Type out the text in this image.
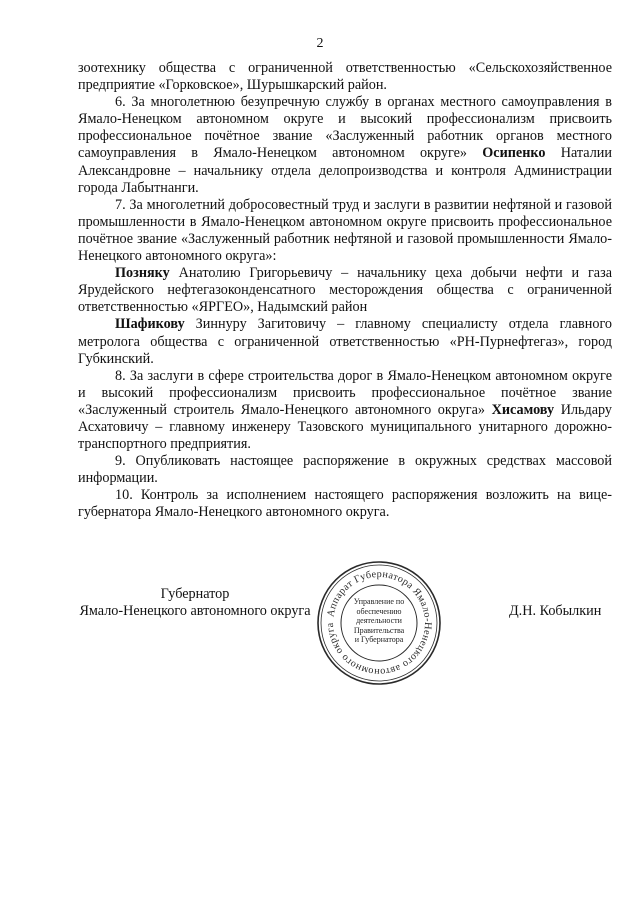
2

зоотехнику общества с ограниченной ответственностью «Сельскохозяйственное предприятие «Горковское», Шурышкарский район.

6. За многолетнюю безупречную службу в органах местного самоуправления в Ямало-Ненецком автономном округе и высокий профессионализм присвоить профессиональное почётное звание «Заслуженный работник органов местного самоуправления в Ямало-Ненецком автономном округе» Осипенко Наталии Александровне – начальнику отдела делопроизводства и контроля Администрации города Лабытнанги.

7. За многолетний добросовестный труд и заслуги в развитии нефтяной и газовой промышленности в Ямало-Ненецком автономном округе присвоить профессиональное почётное звание «Заслуженный работник нефтяной и газовой промышленности Ямало-Ненецкого автономного округа»:

Позняку Анатолию Григорьевичу – начальнику цеха добычи нефти и газа Ярудейского нефтегазоконденсатного месторождения общества с ограниченной ответственностью «ЯРГЕО», Надымский район

Шафикову Зиннуру Загитовичу – главному специалисту отдела главного метролога общества с ограниченной ответственностью «РН-Пурнефтегаз», город Губкинский.

8. За заслуги в сфере строительства дорог в Ямало-Ненецком автономном округе и высокий профессионализм присвоить профессиональное почётное звание «Заслуженный строитель Ямало-Ненецкого автономного округа» Хисамову Ильдару Асхатовичу – главному инженеру Тазовского муниципального унитарного дорожно-транспортного предприятия.

9. Опубликовать настоящее распоряжение в окружных средствах массовой информации.

10. Контроль за исполнением настоящего распоряжения возложить на вице-губернатора Ямало-Ненецкого автономного округа.

Губернатор
Ямало-Ненецкого автономного округа	Д.Н. Кобылкин
Аппарат Губернатора Ямало-Ненецкого автономного округа
Управление по
обеспечению
деятельности
Правительства
и Губернатора
